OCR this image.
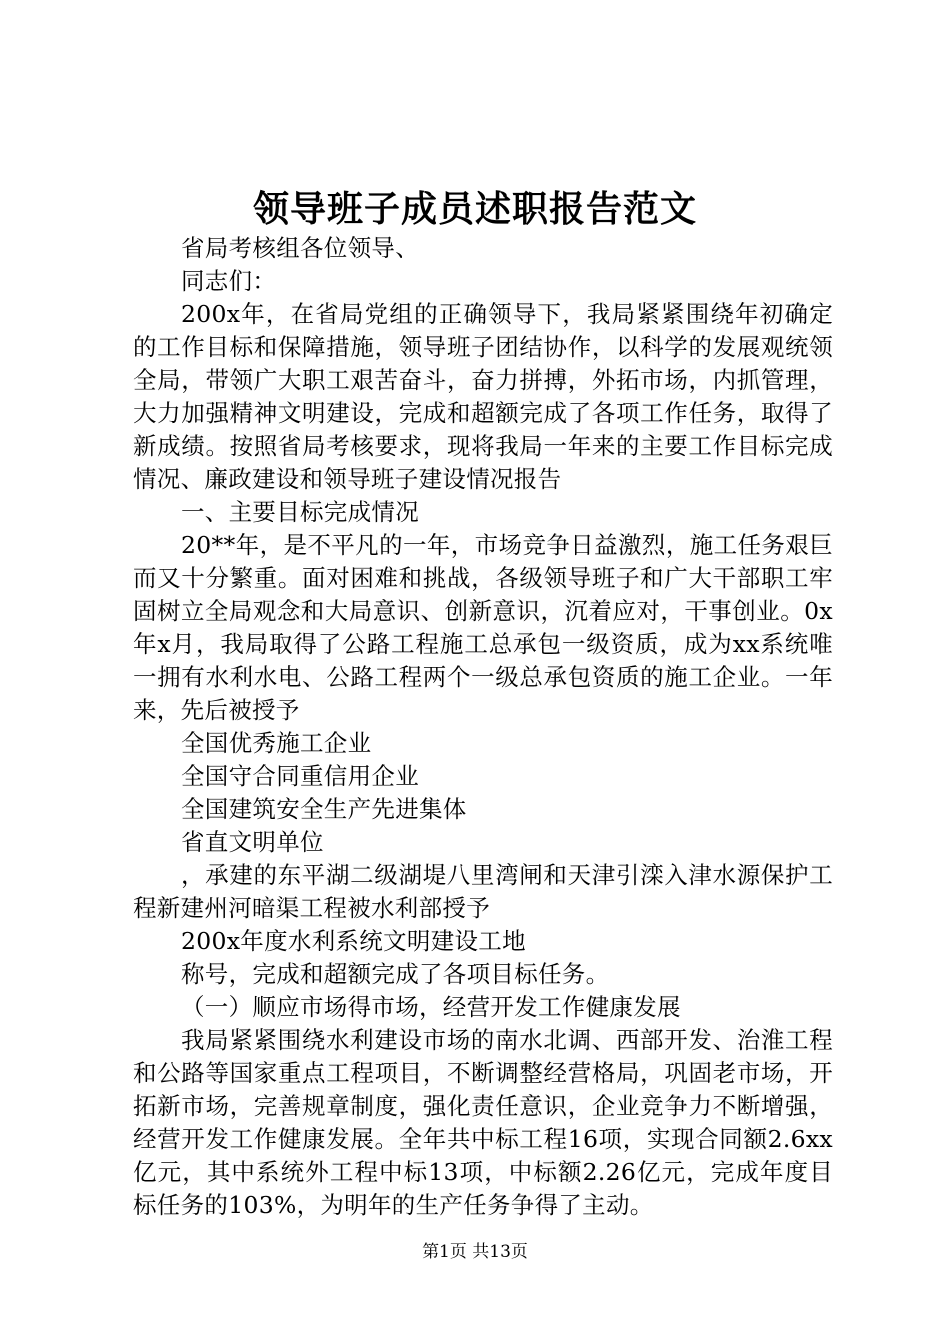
领导班子成员述职报告范文

省局考核组各位领导、

同志们：

200x年，在省局党组的正确领导下，我局紧紧围绕年初确定的工作目标和保障措施，领导班子团结协作，以科学的发展观统领全局，带领广大职工艰苦奋斗，奋力拼搏，外拓市场，内抓管理，大力加强精神文明建设，完成和超额完成了各项工作任务，取得了新成绩。按照省局考核要求，现将我局一年来的主要工作目标完成情况、廉政建设和领导班子建设情况报告

一、主要目标完成情况

20**年，是不平凡的一年，市场竞争日益激烈，施工任务艰巨而又十分繁重。面对困难和挑战，各级领导班子和广大干部职工牢固树立全局观念和大局意识、创新意识，沉着应对，干事创业。0x年x月，我局取得了公路工程施工总承包一级资质，成为xx系统唯一拥有水利水电、公路工程两个一级总承包资质的施工企业。一年来，先后被授予

全国优秀施工企业

全国守合同重信用企业

全国建筑安全生产先进集体

省直文明单位

，承建的东平湖二级湖堤八里湾闸和天津引滦入津水源保护工程新建州河暗渠工程被水利部授予

200x年度水利系统文明建设工地

称号，完成和超额完成了各项目标任务。

（一）顺应市场得市场，经营开发工作健康发展

我局紧紧围绕水利建设市场的南水北调、西部开发、治淮工程和公路等国家重点工程项目，不断调整经营格局，巩固老市场，开拓新市场，完善规章制度，强化责任意识，企业竞争力不断增强，经营开发工作健康发展。全年共中标工程16项，实现合同额2.6xx亿元，其中系统外工程中标13项，中标额2.26亿元，完成年度目标任务的103%，为明年的生产任务争得了主动。

第1页 共13页
